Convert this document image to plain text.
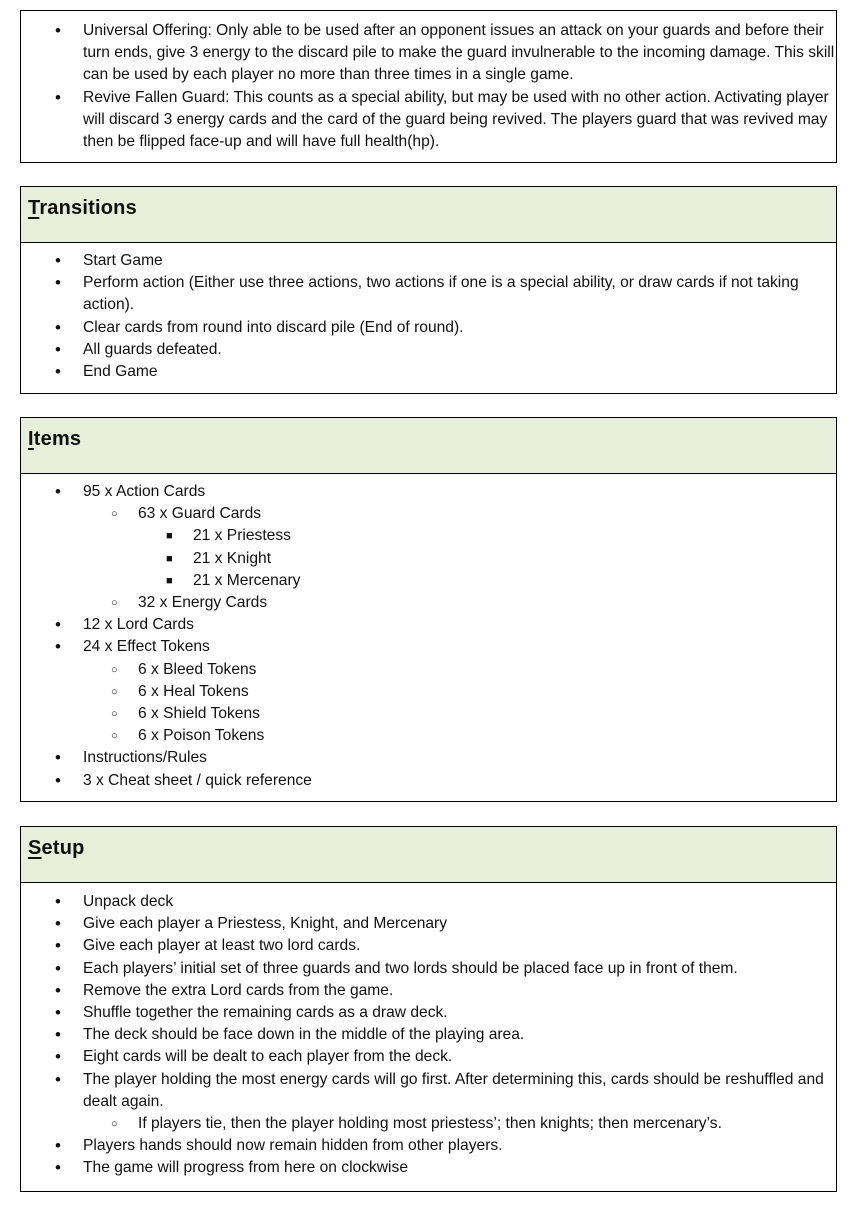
• Universal Offering: Only able to be used after an opponent issues an attack on your guards and before their turn ends, give 3 energy to the discard pile to make the guard invulnerable to the incoming damage. This skill can be used by each player no more than three times in a single game.
• Revive Fallen Guard: This counts as a special ability, but may be used with no other action. Activating player will discard 3 energy cards and the card of the guard being revived. The players guard that was revived may then be flipped face-up and will have full health(hp).
Transitions
• Start Game
• Perform action (Either use three actions, two actions if one is a special ability, or draw cards if not taking action).
• Clear cards from round into discard pile (End of round).
• All guards defeated.
• End Game
Items
• 95 x Action Cards
○ 63 x Guard Cards
■ 21 x Priestess
■ 21 x Knight
■ 21 x Mercenary
○ 32 x Energy Cards
• 12 x Lord Cards
• 24 x Effect Tokens
○ 6 x Bleed Tokens
○ 6 x Heal Tokens
○ 6 x Shield Tokens
○ 6 x Poison Tokens
• Instructions/Rules
• 3 x Cheat sheet / quick reference
Setup
• Unpack deck
• Give each player a Priestess, Knight, and Mercenary
• Give each player at least two lord cards.
• Each players’ initial set of three guards and two lords should be placed face up in front of them.
• Remove the extra Lord cards from the game.
• Shuffle together the remaining cards as a draw deck.
• The deck should be face down in the middle of the playing area.
• Eight cards will be dealt to each player from the deck.
• The player holding the most energy cards will go first. After determining this, cards should be reshuffled and dealt again.
○ If players tie, then the player holding most priestess’; then knights; then mercenary’s.
• Players hands should now remain hidden from other players.
• The game will progress from here on clockwise
